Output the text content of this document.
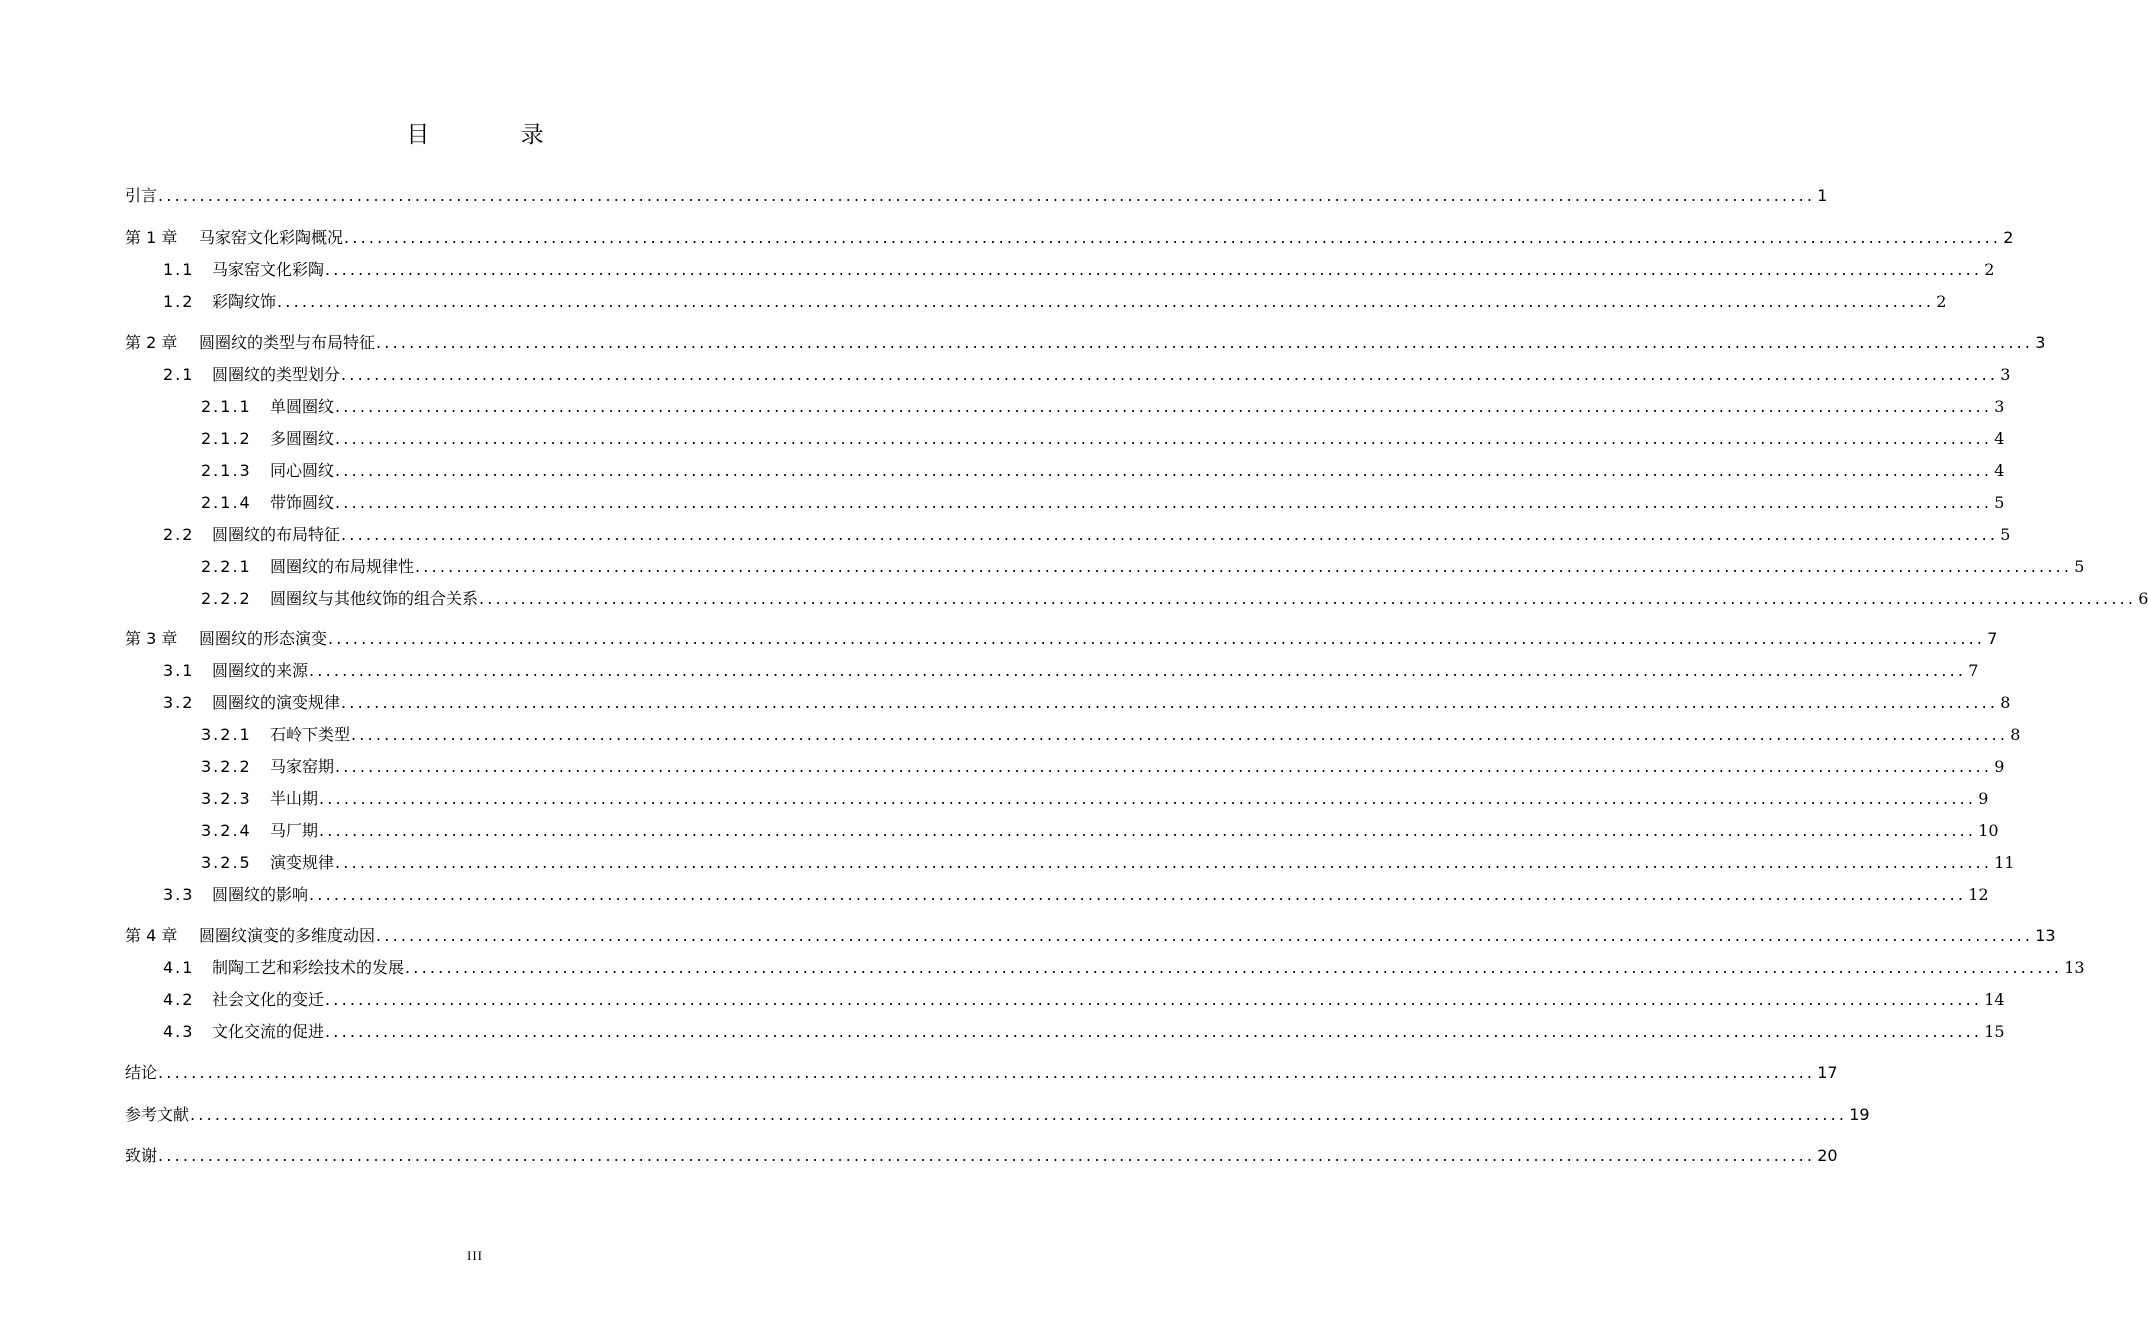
目 录
引言 ........................................................................................................................................................................................................ 1
第 1 章	马家窑文化彩陶概况 ........................................................................................................................................................................................................ 2
1.1	马家窑文化彩陶 ........................................................................................................................................................................................................ 2
1.2	彩陶纹饰 ........................................................................................................................................................................................................ 2
第 2 章	圆圈纹的类型与布局特征 ........................................................................................................................................................................................................ 3
2.1	圆圈纹的类型划分 ........................................................................................................................................................................................................ 3
2.1.1	单圆圈纹 ........................................................................................................................................................................................................ 3
2.1.2	多圆圈纹 ........................................................................................................................................................................................................ 4
2.1.3	同心圆纹 ........................................................................................................................................................................................................ 4
2.1.4	带饰圆纹 ........................................................................................................................................................................................................ 5
2.2	圆圈纹的布局特征 ........................................................................................................................................................................................................ 5
2.2.1	圆圈纹的布局规律性 ........................................................................................................................................................................................................ 5
2.2.2	圆圈纹与其他纹饰的组合关系 ........................................................................................................................................................................................................ 6
第 3 章	圆圈纹的形态演变 ........................................................................................................................................................................................................ 7
3.1	圆圈纹的来源 ........................................................................................................................................................................................................ 7
3.2	圆圈纹的演变规律 ........................................................................................................................................................................................................ 8
3.2.1	石岭下类型 ........................................................................................................................................................................................................ 8
3.2.2	马家窑期 ........................................................................................................................................................................................................ 9
3.2.3	半山期 ........................................................................................................................................................................................................ 9
3.2.4	马厂期 ........................................................................................................................................................................................................ 10
3.2.5	演变规律 ........................................................................................................................................................................................................ 11
3.3	圆圈纹的影响 ........................................................................................................................................................................................................ 12
第 4 章	圆圈纹演变的多维度动因 ........................................................................................................................................................................................................ 13
4.1	制陶工艺和彩绘技术的发展 ........................................................................................................................................................................................................ 13
4.2	社会文化的变迁 ........................................................................................................................................................................................................ 14
4.3	文化交流的促进 ........................................................................................................................................................................................................ 15
结论 ........................................................................................................................................................................................................ 17
参考文献 ........................................................................................................................................................................................................ 19
致谢 ........................................................................................................................................................................................................ 20
III
